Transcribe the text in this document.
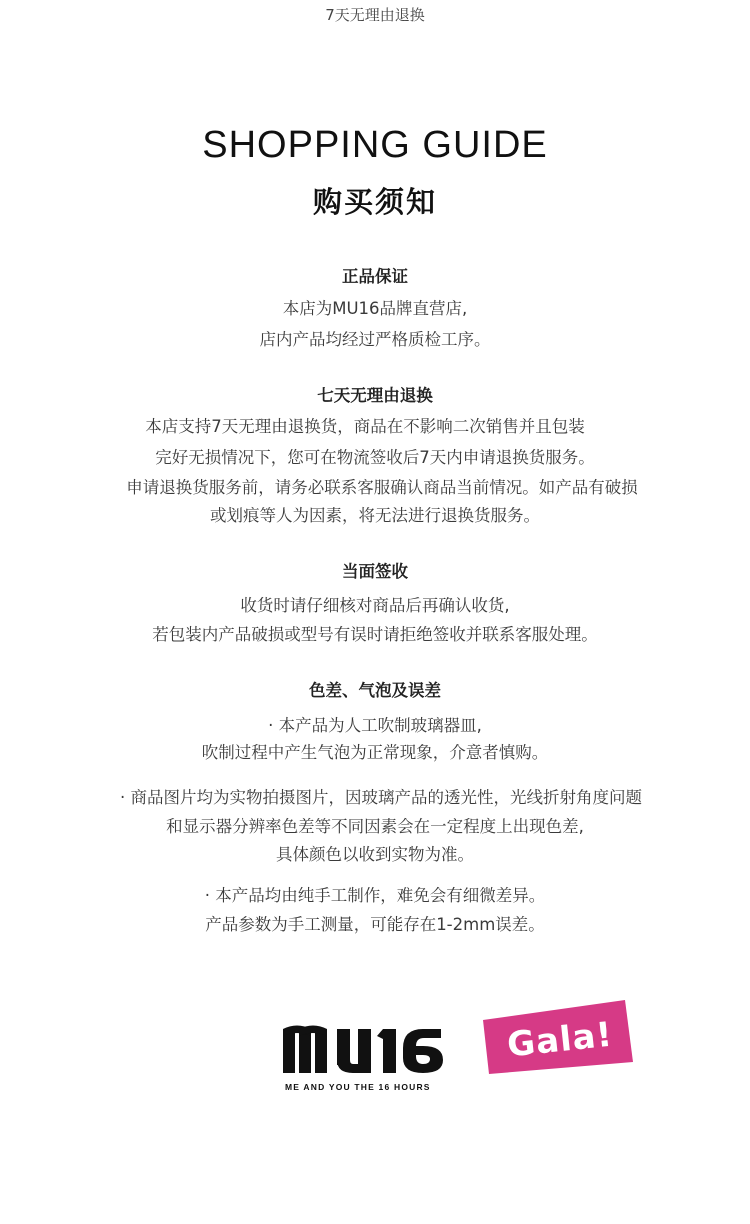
7天无理由退换
SHOPPING GUIDE
购买须知
正品保证
本店为MU16品牌直营店,
店内产品均经过严格质检工序。
七天无理由退换
本店支持7天无理由退换货，商品在不影响二次销售并且包装
完好无损情况下，您可在物流签收后7天内申请退换货服务。
申请退换货服务前，请务必联系客服确认商品当前情况。如产品有破损
或划痕等人为因素，将无法进行退换货服务。
当面签收
收货时请仔细核对商品后再确认收货,
若包装内产品破损或型号有误时请拒绝签收并联系客服处理。
色差、气泡及误差
· 本产品为人工吹制玻璃器皿,
吹制过程中产生气泡为正常现象，介意者慎购。
· 商品图片均为实物拍摄图片，因玻璃产品的透光性，光线折射角度问题
和显示器分辨率色差等不同因素会在一定程度上出现色差,
具体颜色以收到实物为准。
· 本产品均由纯手工制作，难免会有细微差异。
产品参数为手工测量，可能存在1-2mm误差。
Gala!
ME AND YOU THE 16 HOURS
